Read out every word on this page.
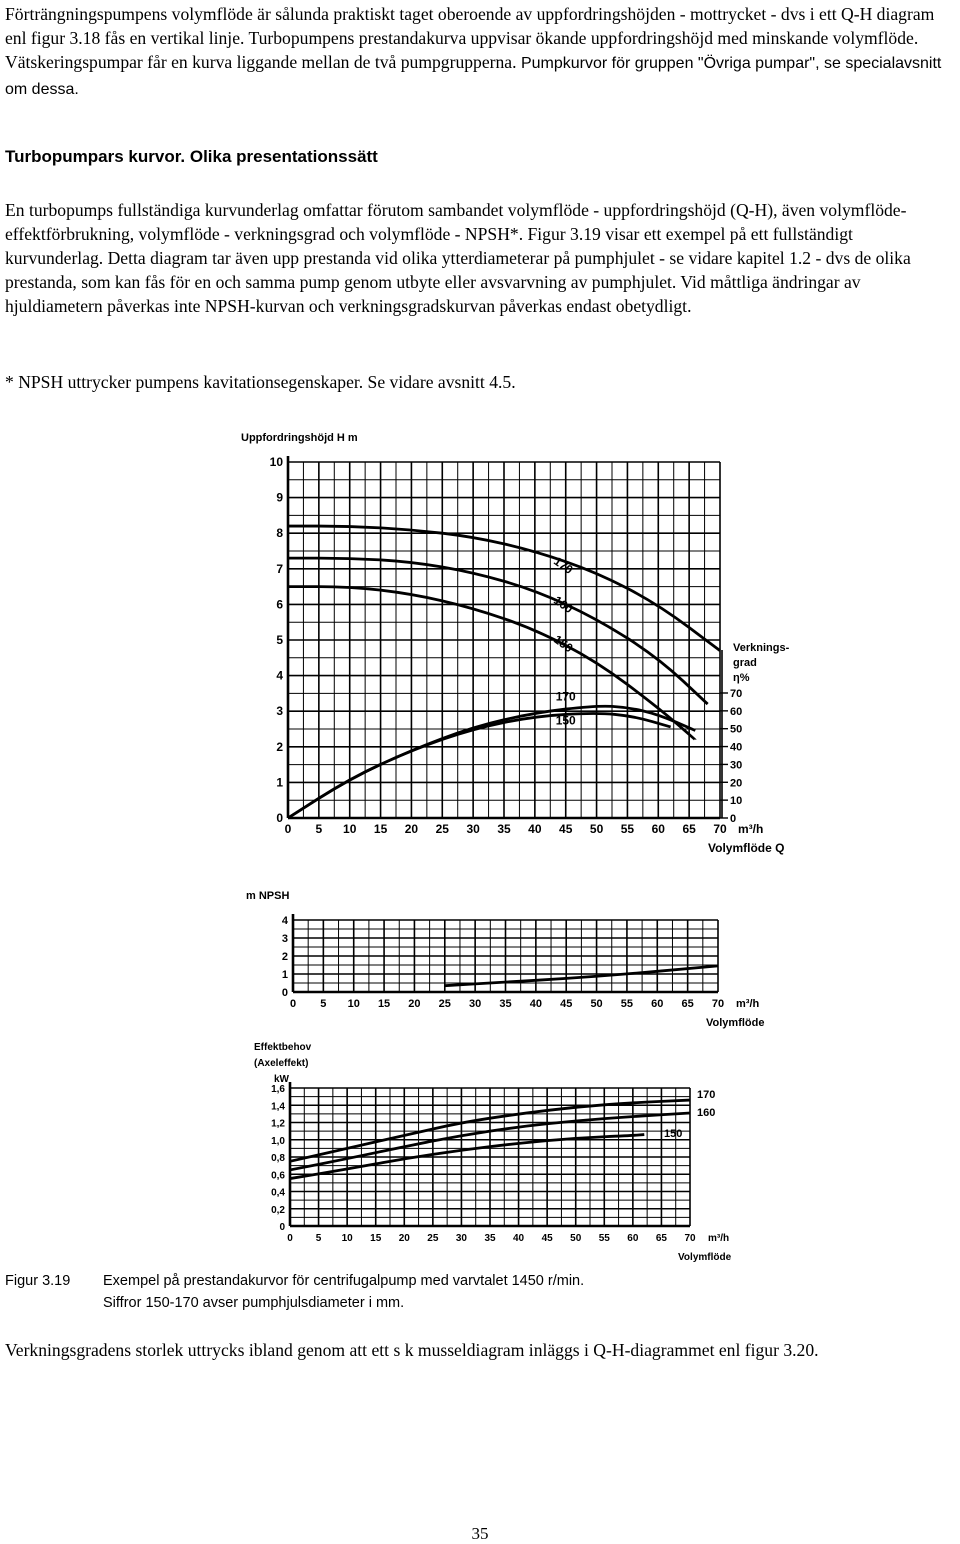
Förträngningspumpens volymflöde är sålunda praktiskt taget oberoende av uppfordringshöjden - mottrycket - dvs i ett Q-H diagram enl figur 3.18 fås en vertikal linje. Turbopumpens prestandakurva uppvisar ökande uppfordringshöjd med minskande volymflöde. Vätskeringspumpar får en kurva liggande mellan de två pumpgrupperna. Pumpkurvor för gruppen "Övriga pumpar", se specialavsnitt om dessa.

Turbopumpars kurvor. Olika presentationssätt

En turbopumps fullständiga kurvunderlag omfattar förutom sambandet volymflöde - uppfordringshöjd (Q-H), även volymflöde- effektförbrukning, volymflöde - verkningsgrad och volymflöde - NPSH*. Figur 3.19 visar ett exempel på ett fullständigt kurvunderlag. Detta diagram tar även upp prestanda vid olika ytterdiameterar på pumphjulet - se vidare kapitel 1.2 - dvs de olika prestanda, som kan fås för en och samma pump genom utbyte eller avsvarvning av pumphjulet. Vid måttliga ändringar av hjuldiametern påverkas inte NPSH-kurvan och verkningsgradskurvan påverkas endast obetydligt.

* NPSH uttrycker pumpens kavitationsegenskaper. Se vidare avsnitt 4.5.

0 5 10 15 20 25 30 35 40 45 50 55 60 65 70 m³/h
Volymflöde Q
0
1
2
3
4
5
6
7
8
9
10
Uppfordringshöjd H m
Verknings-
grad
η%
70
60
50
40
30
20
10
0
170
160
150
170
150
0 5 10 15 20 25 30 35 40 45 50 55 60 65 70 m³/h
Volymflöde
0
1
2
3
4
m NPSH
0 5 10 15 20 25 30 35 40 45 50 55 60 65 70 m³/h
Volymflöde
0
0,2
0,4
0,6
0,8
1,0
1,2
1,4
1,6
Effektbehov
(Axeleffekt)
kW
170
160
150
Figur 3.19 Exempel på prestandakurvor för centrifugalpump med varvtalet 1450 r/min.
Siffror 150-170 avser pumphjulsdiameter i mm.

Verkningsgradens storlek uttrycks ibland genom att ett s k musseldiagram inläggs i Q-H-diagrammet enl figur 3.20.

35
